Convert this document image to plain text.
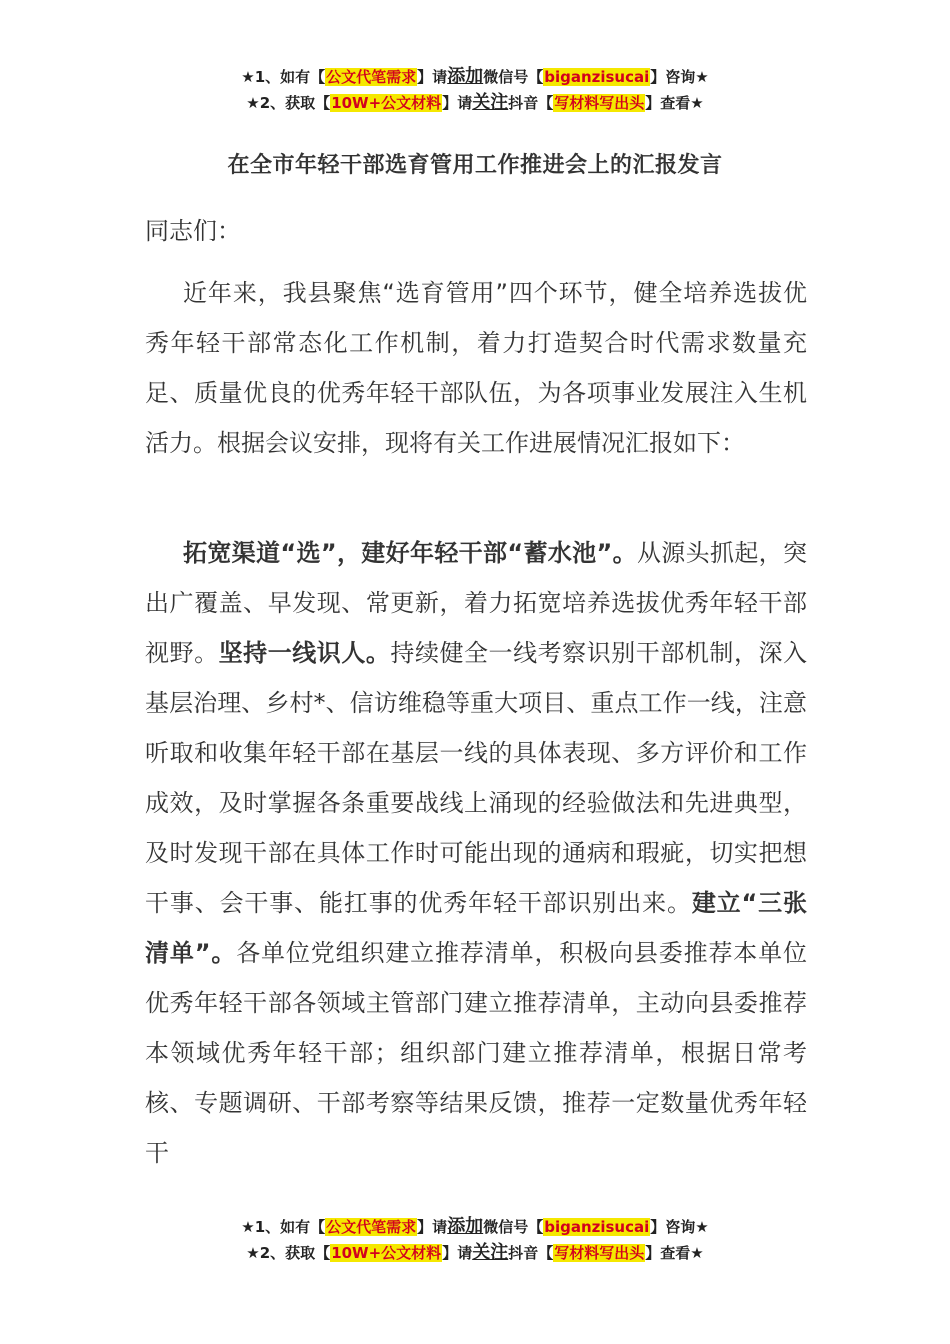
★1、如有【公文代笔需求】请添加微信号【biganzisucai】咨询★
★2、获取【10W+公文材料】请关注抖音【写材料写出头】查看★
在全市年轻干部选育管用工作推进会上的汇报发言
同志们：

近年来，我县聚焦“选育管用”四个环节，健全培养选拔优秀年轻干部常态化工作机制，着力打造契合时代需求数量充足、质量优良的优秀年轻干部队伍，为各项事业发展注入生机活力。根据会议安排，现将有关工作进展情况汇报如下：

拓宽渠道“选”，建好年轻干部“蓄水池”。从源头抓起，突出广覆盖、早发现、常更新，着力拓宽培养选拔优秀年轻干部视野。坚持一线识人。持续健全一线考察识别干部机制，深入基层治理、乡村*、信访维稳等重大项目、重点工作一线，注意听取和收集年轻干部在基层一线的具体表现、多方评价和工作成效，及时掌握各条重要战线上涌现的经验做法和先进典型，及时发现干部在具体工作时可能出现的通病和瑕疵，切实把想干事、会干事、能扛事的优秀年轻干部识别出来。建立“三张清单”。各单位党组织建立推荐清单，积极向县委推荐本单位优秀年轻干部各领域主管部门建立推荐清单，主动向县委推荐本领域优秀年轻干部；组织部门建立推荐清单，根据日常考核、专题调研、干部考察等结果反馈，推荐一定数量优秀年轻干

★1、如有【公文代笔需求】请添加微信号【biganzisucai】咨询★
★2、获取【10W+公文材料】请关注抖音【写材料写出头】查看★
